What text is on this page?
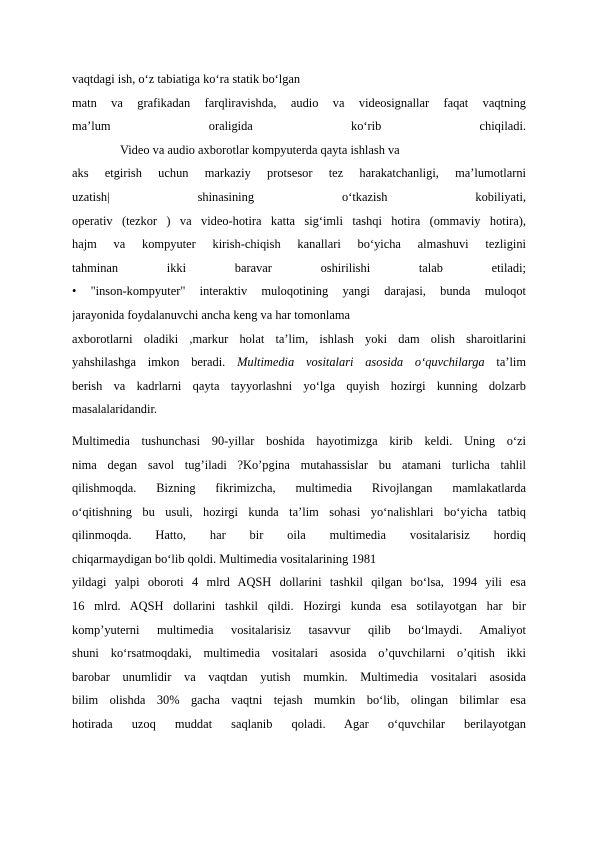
vaqtdagi ish, o‘z tabiatiga ko‘ra statik bo‘lgan
matn va grafikadan farqliravishda, audio va videosignallar faqat vaqtning
ma’lum oraligida ko‘rib chiqiladi.
Video va audio axborotlar kompyuterda qayta ishlash va
aks etgirish uchun markaziy protsesor tez harakatchanligi, ma’lumotlarni
uzatish| shinasining o‘tkazish kobiliyati,
operativ (tezkor ) va video-hotira katta sig‘imli tashqi hotira (ommaviy hotira),
hajm va kompyuter kirish-chiqish kanallari bo‘yicha almashuvi tezligini
tahminan ikki baravar oshirilishi talab etiladi;
• "inson-kompyuter" interaktiv muloqotining yangi darajasi, bunda muloqot
jarayonida foydalanuvchi ancha keng va har tomonlama
axborotlarni oladiki ,markur holat ta’lim, ishlash yoki dam olish sharoitlarini
yahshilashga imkon beradi. Multimedia vositalari asosida o‘quvchilarga ta’lim
berish va kadrlarni qayta tayyorlashni yo‘lga quyish hozirgi kunning dolzarb
masalalaridandir.
Multimedia tushunchasi 90-yillar boshida hayotimizga kirib keldi. Uning o‘zi
nima degan savol tug’iladi ?Ko’pgina mutahassislar bu atamani turlicha tahlil
qilishmoqda. Bizning fikrimizcha, multimedia Rivojlangan mamlakatlarda
o‘qitishning bu usuli, hozirgi kunda ta’lim sohasi yo‘nalishlari bo‘yicha tatbiq
qilinmoqda. Hatto, har bir oila multimedia vositalarisiz hordiq
chiqarmaydigan bo‘lib qoldi. Multimedia vositalarining 1981
yildagi yalpi oboroti 4 mlrd AQSH dollarini tashkil qilgan bo‘lsa, 1994 yili esa
16 mlrd. AQSH dollarini tashkil qildi. Hozirgi kunda esa sotilayotgan har bir
komp’yuterni multimedia vositalarisiz tasavvur qilib bo‘lmaydi. Amaliyot
shuni ko‘rsatmoqdaki, multimedia vositalari asosida o’quvchilarni o’qitish ikki
barobar unumlidir va vaqtdan yutish mumkin. Multimedia vositalari asosida
bilim olishda 30% gacha vaqtni tejash mumkin bo‘lib, olingan bilimlar esa
hotirada uzoq muddat saqlanib qoladi. Agar o‘quvchilar berilayotgan
